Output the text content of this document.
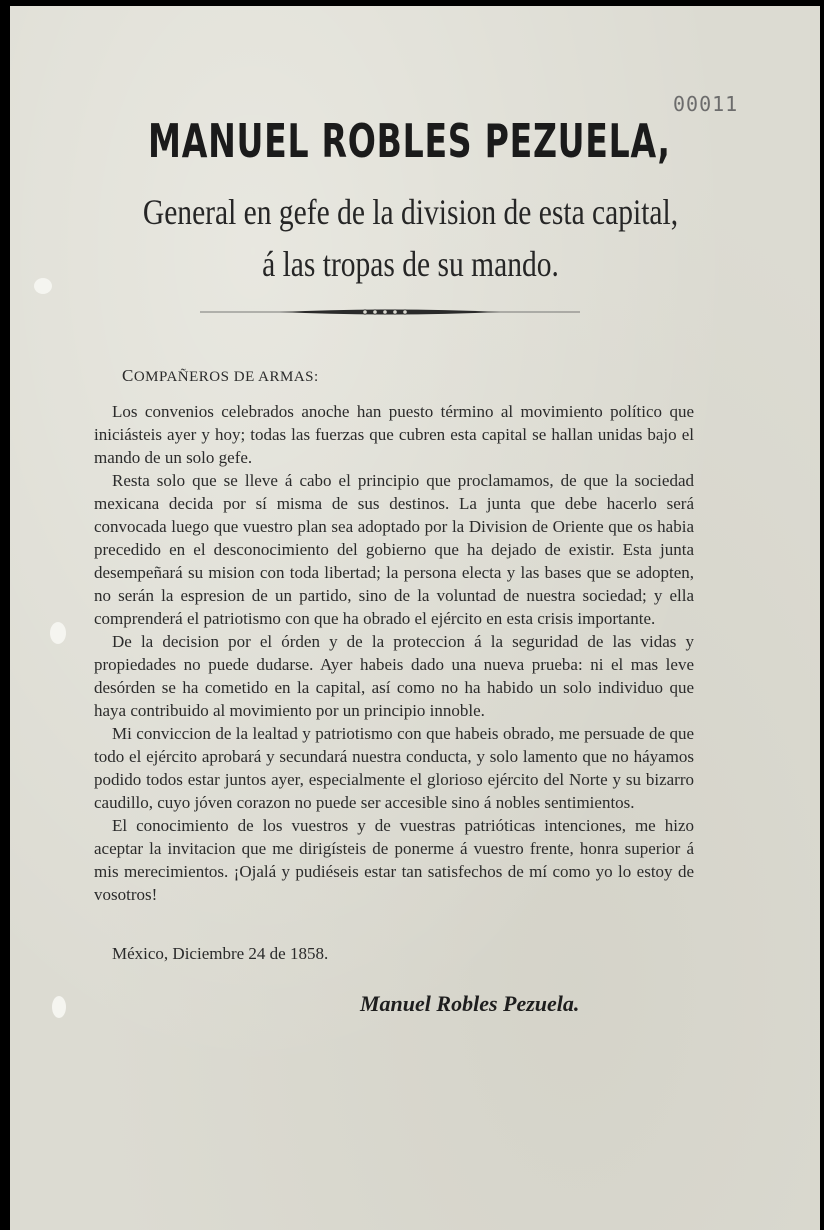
00011
MANUEL ROBLES PEZUELA,
General en gefe de la division de esta capital,
á las tropas de su mando.
COMPAÑEROS DE ARMAS:

Los convenios celebrados anoche han puesto término al movimiento político que iniciásteis ayer y hoy; todas las fuerzas que cubren esta capital se hallan unidas bajo el mando de un solo gefe.

Resta solo que se lleve á cabo el principio que proclamamos, de que la sociedad mexicana decida por sí misma de sus destinos. La junta que debe hacerlo será convocada luego que vuestro plan sea adoptado por la Division de Oriente que os habia precedido en el desconocimiento del gobierno que ha dejado de existir. Esta junta desempeñará su mision con toda libertad; la persona electa y las bases que se adopten, no serán la espresion de un partido, sino de la voluntad de nuestra sociedad; y ella comprenderá el patriotismo con que ha obrado el ejército en esta crisis importante.

De la decision por el órden y de la proteccion á la seguridad de las vidas y propiedades no puede dudarse. Ayer habeis dado una nueva prueba: ni el mas leve desórden se ha cometido en la capital, así como no ha habido un solo individuo que haya contribuido al movimiento por un principio innoble.

Mi conviccion de la lealtad y patriotismo con que habeis obrado, me persuade de que todo el ejército aprobará y secundará nuestra conducta, y solo lamento que no háyamos podido todos estar juntos ayer, especialmente el glorioso ejército del Norte y su bizarro caudillo, cuyo jóven corazon no puede ser accesible sino á nobles sentimientos.

El conocimiento de los vuestros y de vuestras patrióticas intenciones, me hizo aceptar la invitacion que me dirigísteis de ponerme á vuestro frente, honra superior á mis merecimientos. ¡Ojalá y pudiéseis estar tan satisfechos de mí como yo lo estoy de vosotros!

México, Diciembre 24 de 1858.
Manuel Robles Pezuela.
